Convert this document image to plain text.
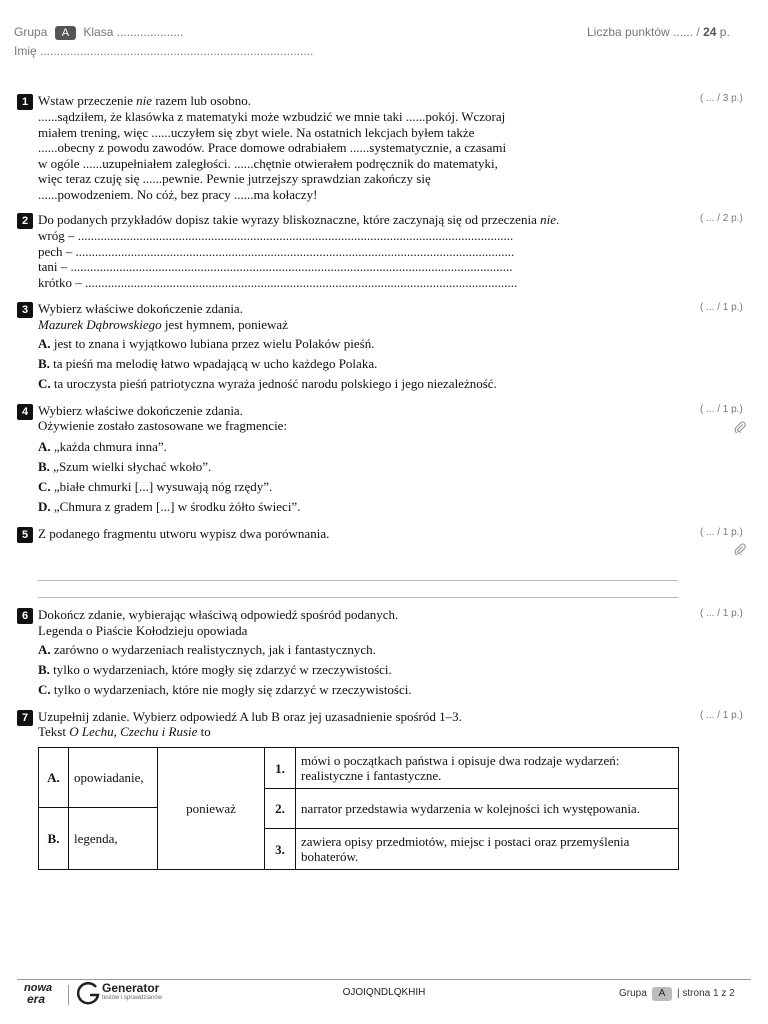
Grupa A Klasa ....................
Imię ..................................................................................
Liczba punktów ...... / 24 p.
1	( ... / 3 p.)
Wstaw przeczenie nie razem lub osobno.
......sądziłem, że klasówka z matematyki może wzbudzić we mnie taki ......pokój. Wczoraj
miałem trening, więc ......uczyłem się zbyt wiele. Na ostatnich lekcjach byłem także
......obecny z powodu zawodów. Prace domowe odrabiałem ......systematycznie, a czasami
w ogóle ......uzupełniałem zaległości. ......chętnie otwierałem podręcznik do matematyki,
więc teraz czuję się ......pewnie. Pewnie jutrzejszy sprawdzian zakończy się
......powodzeniem. No cóż, bez pracy ......ma kołaczy!
2	( ... / 2 p.)
Do podanych przykładów dopisz takie wyrazy bliskoznaczne, które zaczynają się od przeczenia nie.
wróg – ......................................................................................................................................
pech – .......................................................................................................................................
tani – ........................................................................................................................................
krótko – .....................................................................................................................................
3	( ... / 1 p.)
Wybierz właściwe dokończenie zdania.
Mazurek Dąbrowskiego jest hymnem, ponieważ
A. jest to znana i wyjątkowo lubiana przez wielu Polaków pieśń.
B. ta pieśń ma melodię łatwo wpadającą w ucho każdego Polaka.
C. ta uroczysta pieśń patriotyczna wyraża jedność narodu polskiego i jego niezależność.
4	( ... / 1 p.)
Wybierz właściwe dokończenie zdania.
Ożywienie zostało zastosowane we fragmencie:
A. „każda chmura inna”.
B. „Szum wielki słychać wkoło”.
C. „białe chmurki [...] wysuwają nóg rzędy”.
D. „Chmura z gradem [...] w środku żółto świeci”.
5	( ... / 1 p.)
Z podanego fragmentu utworu wypisz dwa porównania.
6	( ... / 1 p.)
Dokończ zdanie, wybierając właściwą odpowiedź spośród podanych.
Legenda o Piaście Kołodzieju opowiada
A. zarówno o wydarzeniach realistycznych, jak i fantastycznych.
B. tylko o wydarzeniach, które mogły się zdarzyć w rzeczywistości.
C. tylko o wydarzeniach, które nie mogły się zdarzyć w rzeczywistości.
7	( ... / 1 p.)
Uzupełnij zdanie. Wybierz odpowiedź A lub B oraz jej uzasadnienie spośród 1–3.
Tekst O Lechu, Czechu i Rusie to
A.	opowiadanie,	ponieważ	1.	mówi o początkach państwa i opisuje dwa rodzaje wydarzeń: realistyczne i fantastyczne.

			2.	narrator przedstawia wydarzenia w kolejności ich występowania.
B.	legenda,			
			3.	zawiera opisy przedmiotów, miejsc i postaci oraz przemyślenia bohaterów.

nowa
era
Generator
testów i sprawdzianów	OJOIQNDLQKHIH	Grupa A | strona 1 z 2
